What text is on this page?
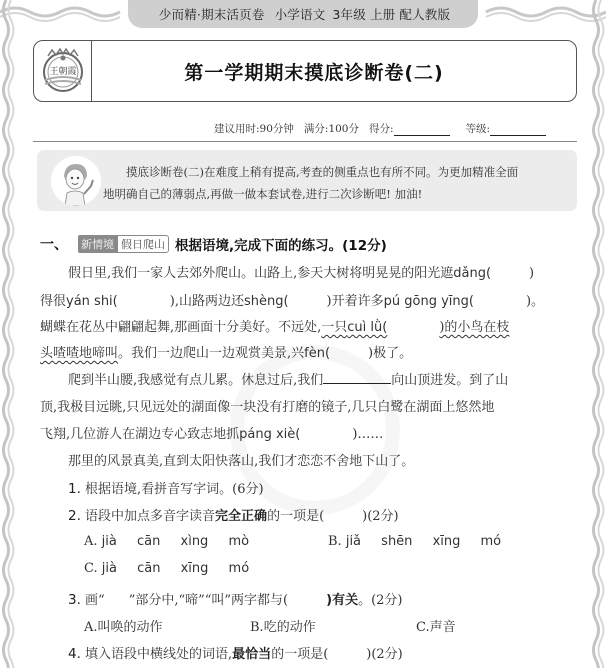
少而精·期末活页卷 小学语文 3年级 上册 配人教版
王朝霞	第一学期期末摸底诊断卷(二)
建议用时:90分钟 满分:100分 得分:	等级:
摸底诊断卷(二)在难度上稍有提高,考查的侧重点也有所不同。为更加精准全面
地明确自己的薄弱点,再做一做本套试卷,进行二次诊断吧! 加油!
一、 新情境 假日爬山 根据语境,完成下面的练习。(12分)
假日里,我们一家人去郊外爬山。山路上,参天大树将明晃晃的阳光遮dǎng(	)
得很yán shi(	),山路两边还shèng(	)开着许多pú gōng yīng(	)。
蝴蝶在花丛中翩翩起舞,那画面十分美好。不远处,一只cuì lǜ(	)的小鸟在枝
头喳喳地啼叫。我们一边爬山一边观赏美景,兴fèn(	)极了。
爬到半山腰,我感觉有点儿累。休息过后,我们	向山顶进发。到了山
顶,我极目远眺,只见远处的湖面像一块没有打磨的镜子,几只白鹭在湖面上悠然地
飞翔,几位游人在湖边专心致志地抓páng xiè(	)……
那里的风景真美,直到太阳快落山,我们才恋恋不舍地下山了。
1. 根据语境,看拼音写字词。(6分)
2. 语段中加点多音字读音完全正确的一项是(	)(2分)
A. jià cān xìng mò	B. jiǎ shēn xīng mó
C. jià cān xīng mó
3. 画“ ”部分中,“啼”“叫”两字都与(	)有关。(2分)
A.叫唤的动作	B.吃的动作	C.声音
4. 填入语段中横线处的词语,最恰当的一项是(	)(2分)
